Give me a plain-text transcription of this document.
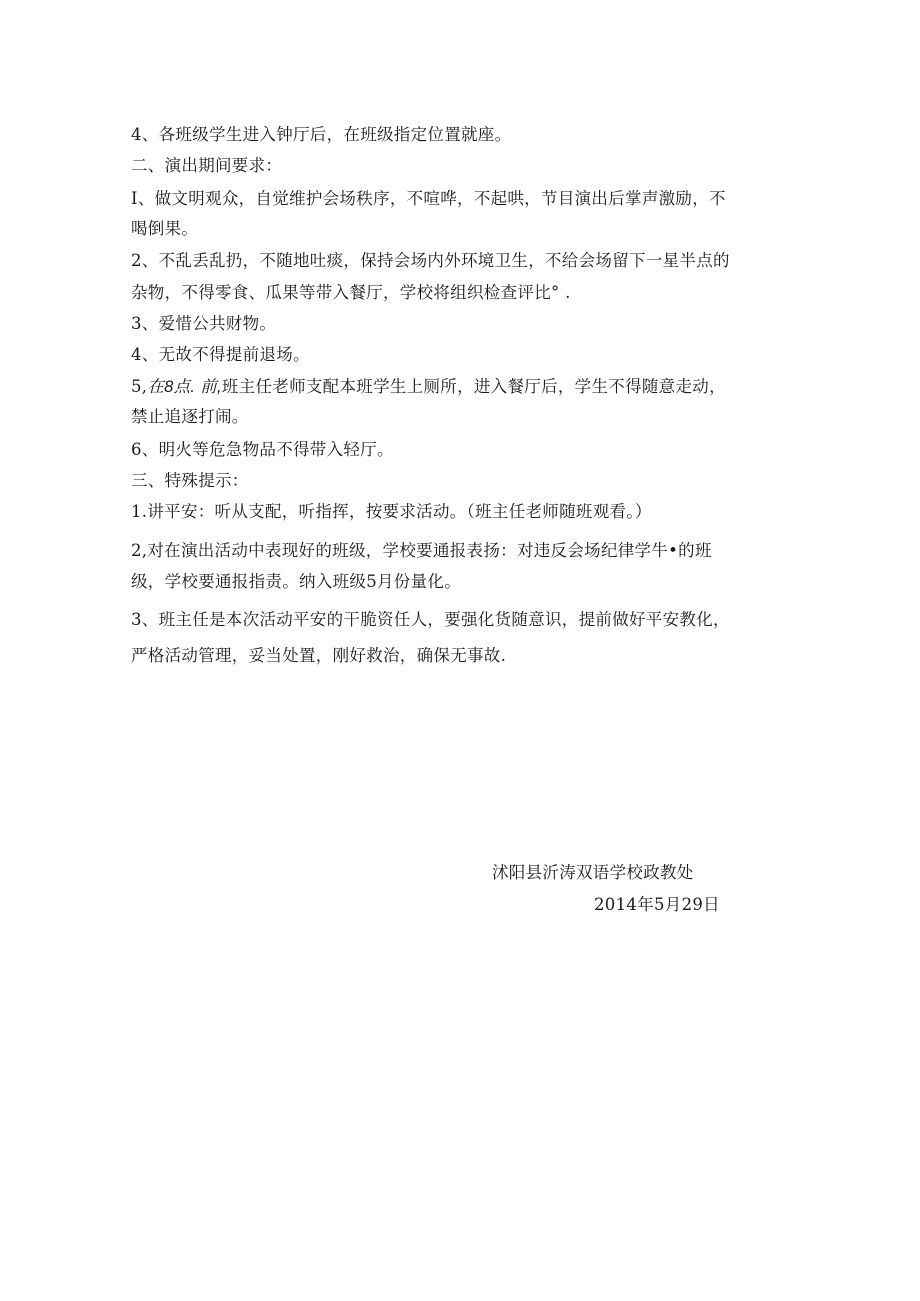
4、各班级学生进入钟厅后，在班级指定位置就座。
二、演出期间要求：
I、做文明观众，自觉维护会场秩序，不喧哗，不起哄，节目演出后掌声激励，不
喝倒果。
2、不乱丢乱扔，不随地吐痰，保持会场内外环境卫生，不给会场留下一星半点的
杂物，不得零食、瓜果等带入餐厅，学校将组织检查评比° .
3、爱惜公共财物。
4、无故不得提前退场。
5,在8点. 前,班主任老师支配本班学生上厕所，进入餐厅后，学生不得随意走动，
禁止追逐打闹。
6、明火等危急物品不得带入轻厅。
三、特殊提示：
1.讲平安：听从支配，听指挥，按要求活动。（班主任老师随班观看。）
2,对在演出活动中表现好的班级，学校要通报表扬：对违反会场纪律学牛•的班
级，学校要通报指责。纳入班级5月份量化。
3、班主任是本次活动平安的干脆资任人，要强化货随意识，提前做好平安教化，
严格活动管理，妥当处置，刚好救治，确保无事故.
沭阳县沂涛双语学校政教处
2014年5月29日
